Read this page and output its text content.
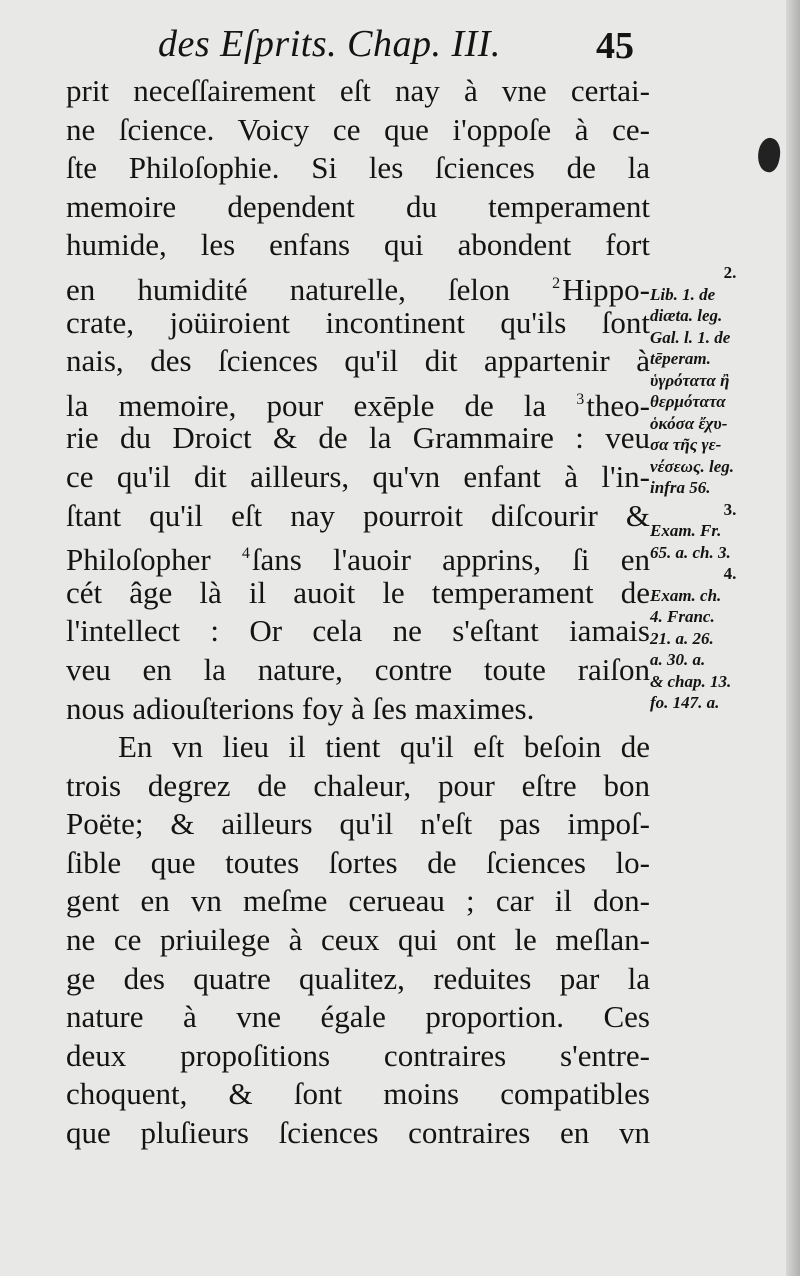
des Eſprits. Chap. III.	45
prit neceſſairement eſt nay à vne certai-
ne ſcience. Voicy ce que i'oppoſe à ce-
ſte Philoſophie. Si les ſciences de la
memoire dependent du temperament
humide, les enfans qui abondent fort
en humidité naturelle, ſelon	$^2$Hippo-
crate, joüiroient incontinent qu'ils ſont
nais, des ſciences qu'il dit appartenir à
la memoire, pour exēple de la $^3$theo-
rie du Droict & de la Grammaire : veu
ce qu'il dit ailleurs, qu'vn enfant à l'in-
ſtant qu'il eſt nay pourroit diſcourir &
Philoſopher $^4$ſans l'auoir apprins, ſi en
cét âge là il auoit le temperament de
l'intellect : Or cela ne s'eſtant iamais
veu en la nature, contre toute raiſon
nous adiouſterions foy à ſes maximes.
En vn lieu il tient qu'il eſt beſoin de
trois degrez de chaleur, pour eſtre bon
Poëte; & ailleurs qu'il n'eſt pas impoſ-
ſible que toutes ſortes de ſciences lo-
gent en vn meſme cerueau ; car il don-
ne ce priuilege à ceux qui ont le meſlan-
ge des quatre qualitez, reduites par la
nature à vne égale proportion. Ces
deux propoſitions contraires s'entre-
choquent, & ſont moins compatibles
que pluſieurs ſciences contraires en vn
2.
Lib. 1. de
diæta. leg.
Gal. l. 1. de
tēperam.
ὑγρότατα ἢ
θερμότατα
ὁκόσα ἔχυ-
σα τῆς γε-
νέσεως. leg.
infra 56.
3.
Exam. Fr.
65. a. ch. 3.
4.
Exam. ch.
4. Franc.
21. a. 26.
a. 30. a.
& chap. 13.
fo. 147. a.
